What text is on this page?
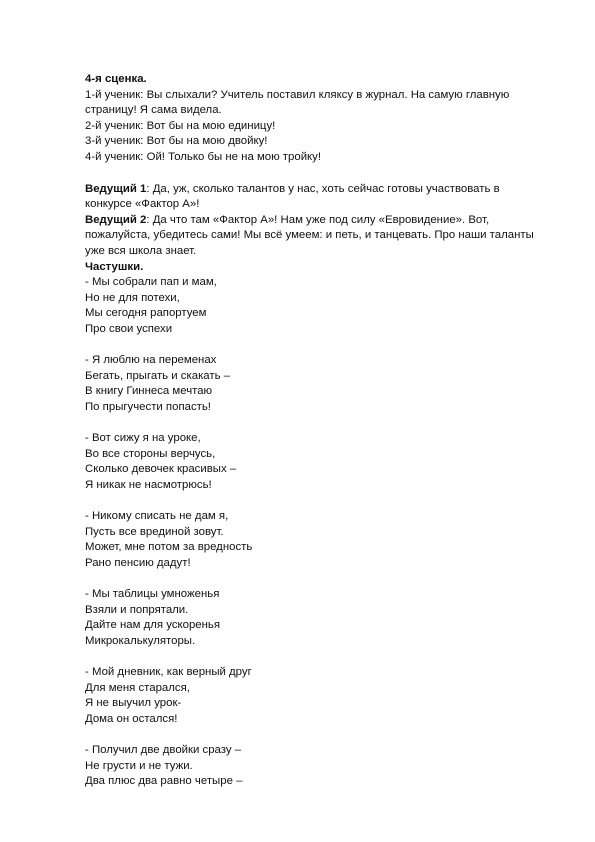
4-я сценка.
1-й ученик: Вы слыхали? Учитель поставил кляксу в журнал. На самую главную
страницу! Я сама видела.
2-й ученик: Вот бы на мою единицу!
3-й ученик: Вот бы на мою двойку!
4-й ученик: Ой! Только бы не на мою тройку!
Ведущий 1: Да, уж, сколько талантов у нас, хоть сейчас готовы участвовать в
конкурсе «Фактор А»!
Ведущий 2: Да что там «Фактор А»! Нам уже под силу «Евровидение». Вот,
пожалуйста, убедитесь сами! Мы всё умеем: и петь, и танцевать. Про наши таланты
уже вся школа знает.
Частушки.
- Мы собрали пап и мам,
Но не для потехи,
Мы сегодня рапортуем
Про свои успехи
- Я люблю на переменах
Бегать, прыгать и скакать –
В книгу Гиннеса мечтаю
По прыгучести попасть!
- Вот сижу я на уроке,
Во все стороны верчусь,
Сколько девочек красивых –
Я никак не насмотрюсь!
- Никому списать не дам я,
Пусть все врединой зовут.
Может, мне потом за вредность
Рано пенсию дадут!
- Мы таблицы умноженья
Взяли и попрятали.
Дайте нам для ускоренья
Микрокалькуляторы.
- Мой дневник, как верный друг
Для меня старался,
Я не выучил урок-
Дома он остался!
- Получил две двойки сразу –
Не грусти и не тужи.
Два плюс два равно четыре –
